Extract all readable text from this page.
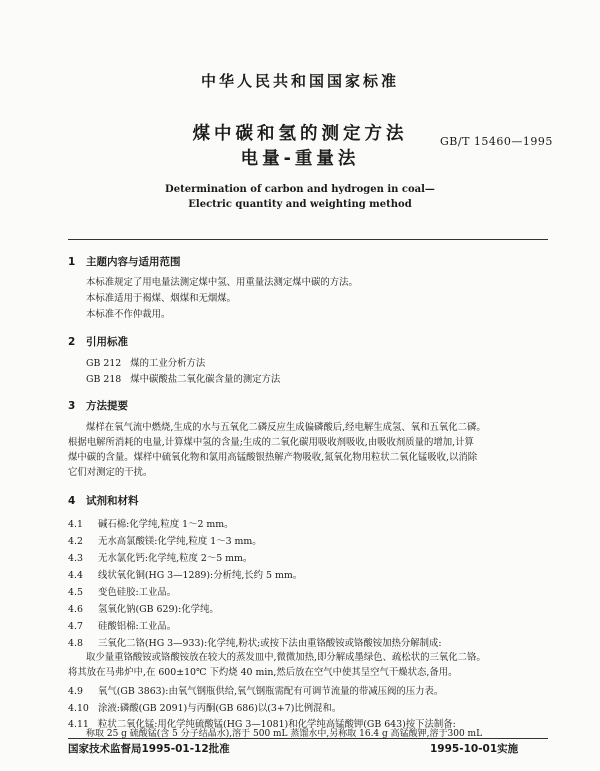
中华人民共和国国家标准
煤中碳和氢的测定方法
电量-重量法
GB/T 15460—1995
Determination of carbon and hydrogen in coal—
Electric quantity and weighting method
1 主题内容与适用范围
本标准规定了用电量法测定煤中氢、用重量法测定煤中碳的方法。
本标准适用于褐煤、烟煤和无烟煤。
本标准不作仲裁用。
2 引用标准
GB 212   煤的工业分析方法
GB 218   煤中碳酸盐二氧化碳含量的测定方法
3 方法提要
煤样在氧气流中燃烧,生成的水与五氧化二磷反应生成偏磷酸后,经电解生成氢、氧和五氧化二磷。
根据电解所消耗的电量,计算煤中氢的含量;生成的二氧化碳用吸收剂吸收,由吸收剂质量的增加,计算
煤中碳的含量。煤样中硫氧化物和氯用高锰酸银热解产物吸收,氮氧化物用粒状二氧化锰吸收,以消除
它们对测定的干扰。
4 试剂和材料
4.1 碱石棉:化学纯,粒度 1～2 mm。
4.2 无水高氯酸镁:化学纯,粒度 1～3 mm。
4.3 无水氯化钙:化学纯,粒度 2～5 mm。
4.4 线状氧化铜(HG 3—1289):分析纯,长约 5 mm。
4.5 变色硅胶:工业品。
4.6 氢氧化钠(GB 629):化学纯。
4.7 硅酸铝棉:工业品。
4.8 三氧化二铬(HG 3—933):化学纯,粉状;或按下法由重铬酸铵或铬酸铵加热分解制成:
取少量重铬酸铵或铬酸铵放在较大的蒸发皿中,微微加热,即分解成墨绿色、疏松状的三氧化二铬。
将其放在马弗炉中,在 600±10℃ 下灼烧 40 min,然后放在空气中使其呈空气干燥状态,备用。
4.9 氧气(GB 3863):由氧气钢瓶供给,氧气钢瓶需配有可调节流量的带减压阀的压力表。
4.10 涂液:磷酸(GB 2091)与丙酮(GB 686)以(3+7)比例混和。
4.11 粒状二氧化锰:用化学纯硫酸锰(HG 3—1081)和化学纯高锰酸钾(GB 643)按下法制备:
称取 25 g 硫酸锰(含 5 分子结晶水),溶于 500 mL 蒸馏水中,另称取 16.4 g 高锰酸钾,溶于300 mL
国家技术监督局1995-01-12批准	1995-10-01实施
